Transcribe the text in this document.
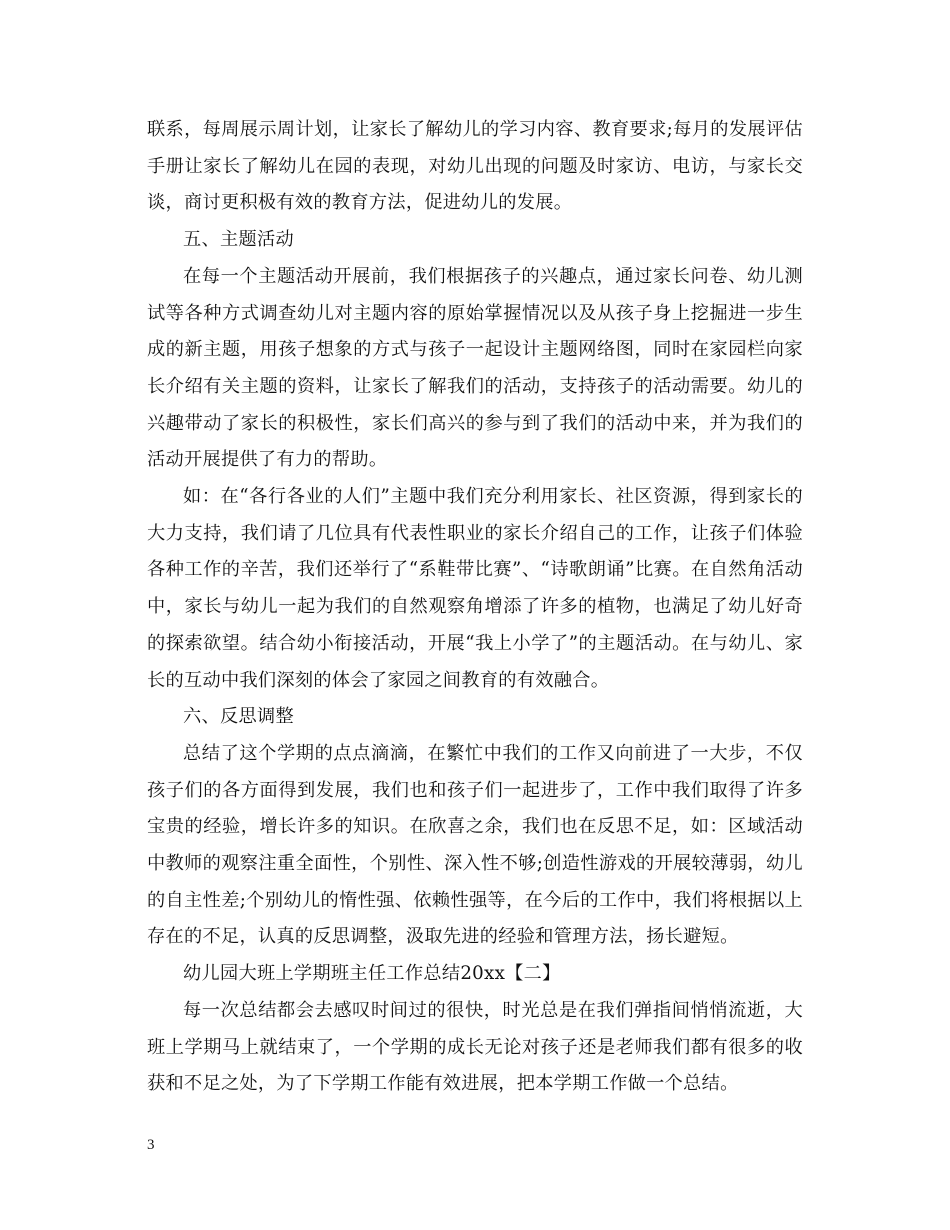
联系，每周展示周计划，让家长了解幼儿的学习内容、教育要求;每月的发展评估手册让家长了解幼儿在园的表现，对幼儿出现的问题及时家访、电访，与家长交谈，商讨更积极有效的教育方法，促进幼儿的发展。

五、主题活动

在每一个主题活动开展前，我们根据孩子的兴趣点，通过家长问卷、幼儿测试等各种方式调查幼儿对主题内容的原始掌握情况以及从孩子身上挖掘进一步生成的新主题，用孩子想象的方式与孩子一起设计主题网络图，同时在家园栏向家长介绍有关主题的资料，让家长了解我们的活动，支持孩子的活动需要。幼儿的兴趣带动了家长的积极性，家长们高兴的参与到了我们的活动中来，并为我们的活动开展提供了有力的帮助。

如：在“各行各业的人们”主题中我们充分利用家长、社区资源，得到家长的大力支持，我们请了几位具有代表性职业的家长介绍自己的工作，让孩子们体验各种工作的辛苦，我们还举行了“系鞋带比赛”、“诗歌朗诵”比赛。在自然角活动中，家长与幼儿一起为我们的自然观察角增添了许多的植物，也满足了幼儿好奇的探索欲望。结合幼小衔接活动，开展“我上小学了”的主题活动。在与幼儿、家长的互动中我们深刻的体会了家园之间教育的有效融合。

六、反思调整

总结了这个学期的点点滴滴，在繁忙中我们的工作又向前进了一大步，不仅孩子们的各方面得到发展，我们也和孩子们一起进步了，工作中我们取得了许多宝贵的经验，增长许多的知识。在欣喜之余，我们也在反思不足，如：区域活动中教师的观察注重全面性，个别性、深入性不够;创造性游戏的开展较薄弱，幼儿的自主性差;个别幼儿的惰性强、依赖性强等，在今后的工作中，我们将根据以上存在的不足，认真的反思调整，汲取先进的经验和管理方法，扬长避短。

幼儿园大班上学期班主任工作总结20xx【二】

每一次总结都会去感叹时间过的很快，时光总是在我们弹指间悄悄流逝，大班上学期马上就结束了，一个学期的成长无论对孩子还是老师我们都有很多的收获和不足之处，为了下学期工作能有效进展，把本学期工作做一个总结。

3
